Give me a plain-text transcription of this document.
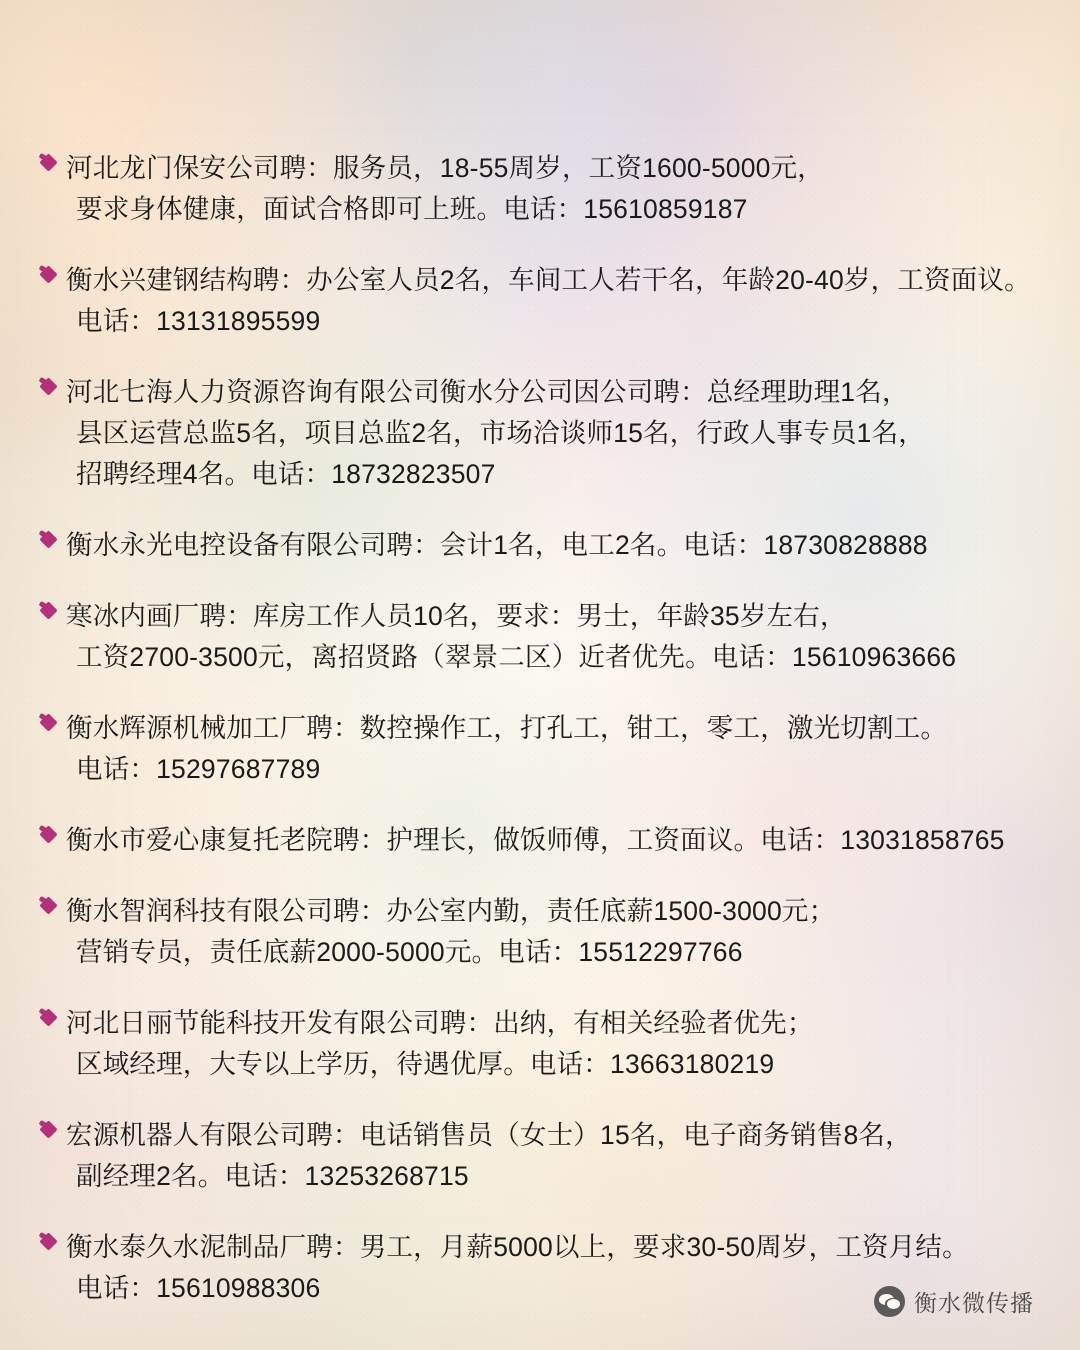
河北龙门保安公司聘：服务员，18-55周岁，工资1600-5000元，
要求身体健康，面试合格即可上班。电话：15610859187
衡水兴建钢结构聘：办公室人员2名，车间工人若干名，年龄20-40岁，工资面议。
电话：13131895599
河北七海人力资源咨询有限公司衡水分公司因公司聘：总经理助理1名，
县区运营总监5名，项目总监2名，市场洽谈师15名，行政人事专员1名，
招聘经理4名。电话：18732823507
衡水永光电控设备有限公司聘：会计1名，电工2名。电话：18730828888
寒冰内画厂聘：库房工作人员10名，要求：男士，年龄35岁左右，
工资2700-3500元，离招贤路（翠景二区）近者优先。电话：15610963666
衡水辉源机械加工厂聘：数控操作工，打孔工，钳工，零工，激光切割工。
电话：15297687789
衡水市爱心康复托老院聘：护理长，做饭师傅，工资面议。电话：13031858765
衡水智润科技有限公司聘：办公室内勤，责任底薪1500-3000元；
营销专员，责任底薪2000-5000元。电话：15512297766
河北日丽节能科技开发有限公司聘：出纳，有相关经验者优先；
区域经理，大专以上学历，待遇优厚。电话：13663180219
宏源机器人有限公司聘：电话销售员（女士）15名，电子商务销售8名，
副经理2名。电话：13253268715
衡水泰久水泥制品厂聘：男工，月薪5000以上，要求30-50周岁，工资月结。
电话：15610988306	衡水微传播
